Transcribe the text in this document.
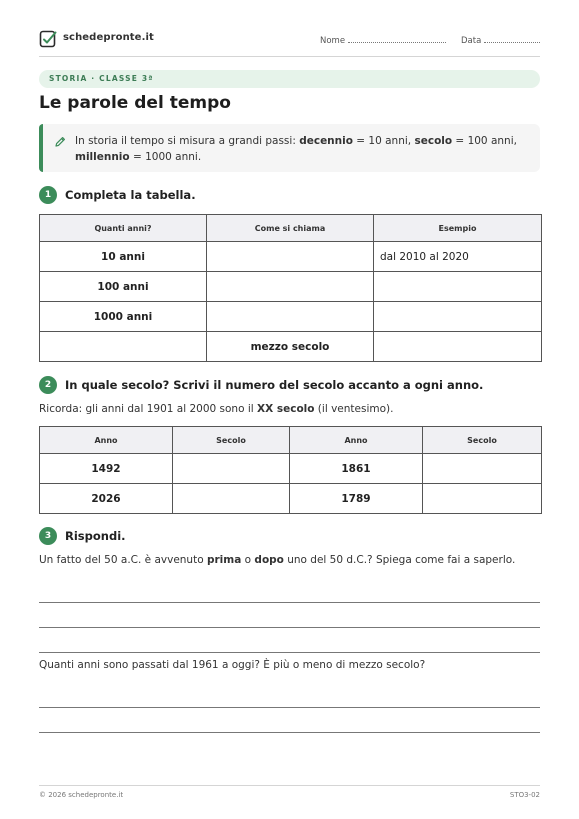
schedepronte.it	Nome	Data
STORIA · CLASSE 3ª
Le parole del tempo
In storia il tempo si misura a grandi passi: decennio = 10 anni, secolo = 100 anni, millennio = 1000 anni.
1	Completa la tabella.
Quanti anni?	Come si chiama	Esempio
10 anni		dal 2010 al 2020
100 anni		
1000 anni		
	mezzo secolo	
2	In quale secolo? Scrivi il numero del secolo accanto a ogni anno.
Ricorda: gli anni dal 1901 al 2000 sono il XX secolo (il ventesimo).
Anno	Secolo	Anno	Secolo
1492		1861	
2026		1789	
3	Rispondi.
Un fatto del 50 a.C. è avvenuto prima o dopo uno del 50 d.C.? Spiega come fai a saperlo.
Quanti anni sono passati dal 1961 a oggi? È più o meno di mezzo secolo?
© 2026 schedepronte.it	STO3-02
